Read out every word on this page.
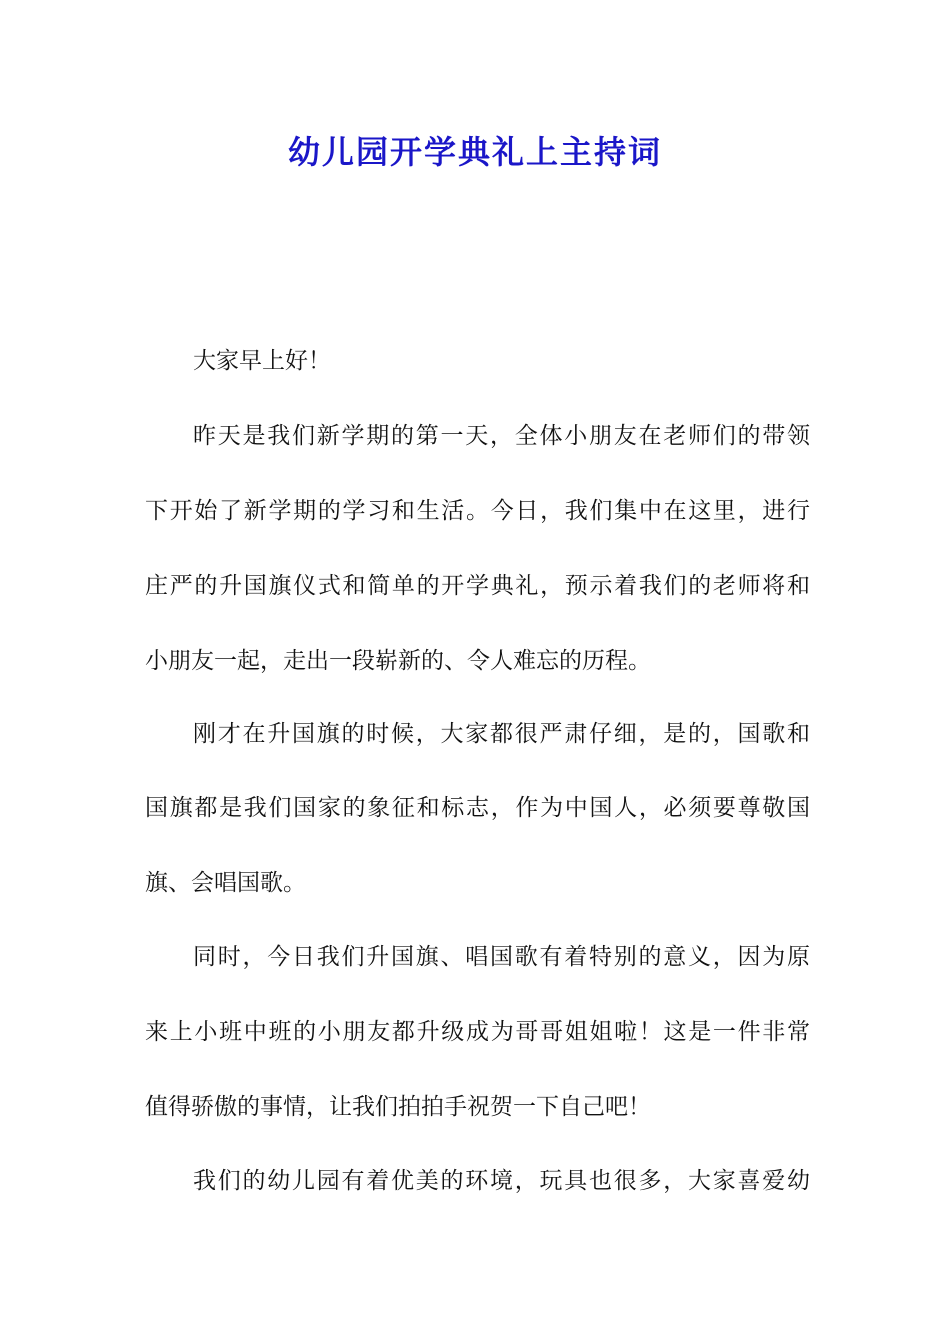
幼儿园开学典礼上主持词

大家早上好！

昨天是我们新学期的第一天，全体小朋友在老师们的带领

下开始了新学期的学习和生活。今日，我们集中在这里，进行

庄严的升国旗仪式和简单的开学典礼，预示着我们的老师将和

小朋友一起，走出一段崭新的、令人难忘的历程。

刚才在升国旗的时候，大家都很严肃仔细，是的，国歌和

国旗都是我们国家的象征和标志，作为中国人，必须要尊敬国

旗、会唱国歌。

同时，今日我们升国旗、唱国歌有着特别的意义，因为原

来上小班中班的小朋友都升级成为哥哥姐姐啦！这是一件非常

值得骄傲的事情，让我们拍拍手祝贺一下自己吧！

我们的幼儿园有着优美的环境，玩具也很多，大家喜爱幼
